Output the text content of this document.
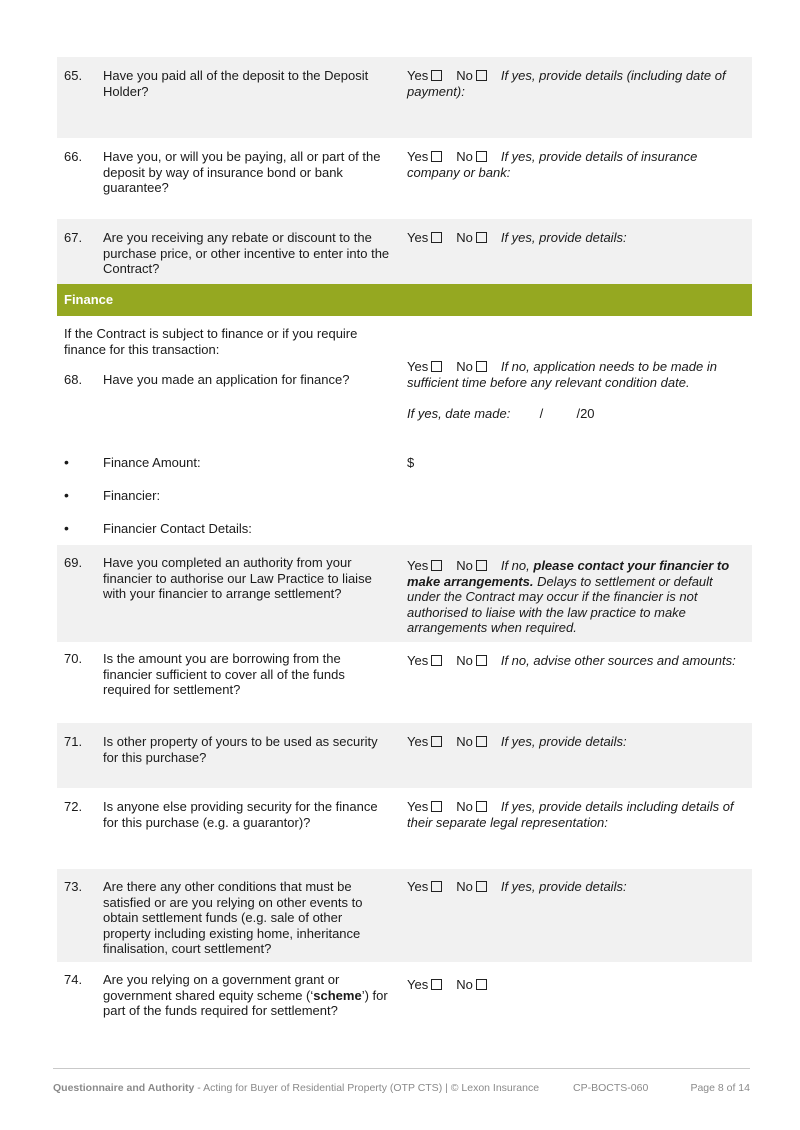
65.	Have you paid all of the deposit to the Deposit Holder?
Yes No If yes, provide details (including date of payment):
66.	Have you, or will you be paying, all or part of the deposit by way of insurance bond or bank guarantee?
Yes No If yes, provide details of insurance company or bank:
67.	Are you receiving any rebate or discount to the purchase price, or other incentive to enter into the Contract?
Yes No If yes, provide details:
Finance
If the Contract is subject to finance or if you require finance for this transaction:
68.	Have you made an application for finance?
Yes No If no, application needs to be made in sufficient time before any relevant condition date.
If yes, date made: /	/20
•	Finance Amount:	$
•	Financier:
•	Financier Contact Details:
69.	Have you completed an authority from your financier to authorise our Law Practice to liaise with your financier to arrange settlement?
Yes No If no, please contact your financier to make arrangements. Delays to settlement or default under the Contract may occur if the financier is not authorised to liaise with the law practice to make arrangements when required.
70.	Is the amount you are borrowing from the financier sufficient to cover all of the funds required for settlement?
Yes No If no, advise other sources and amounts:
71.	Is other property of yours to be used as security for this purchase?
Yes No If yes, provide details:
72.	Is anyone else providing security for the finance for this purchase (e.g. a guarantor)?
Yes No If yes, provide details including details of their separate legal representation:
73.	Are there any other conditions that must be satisfied or are you relying on other events to obtain settlement funds (e.g. sale of other property including existing home, inheritance finalisation, court settlement?
Yes No If yes, provide details:
74.	Are you relying on a government grant or government shared equity scheme (‘scheme’) for part of the funds required for settlement?
Yes No
Questionnaire and Authority - Acting for Buyer of Residential Property (OTP CTS) | © Lexon Insurance	CP-BOCTS-060	Page 8 of 14
